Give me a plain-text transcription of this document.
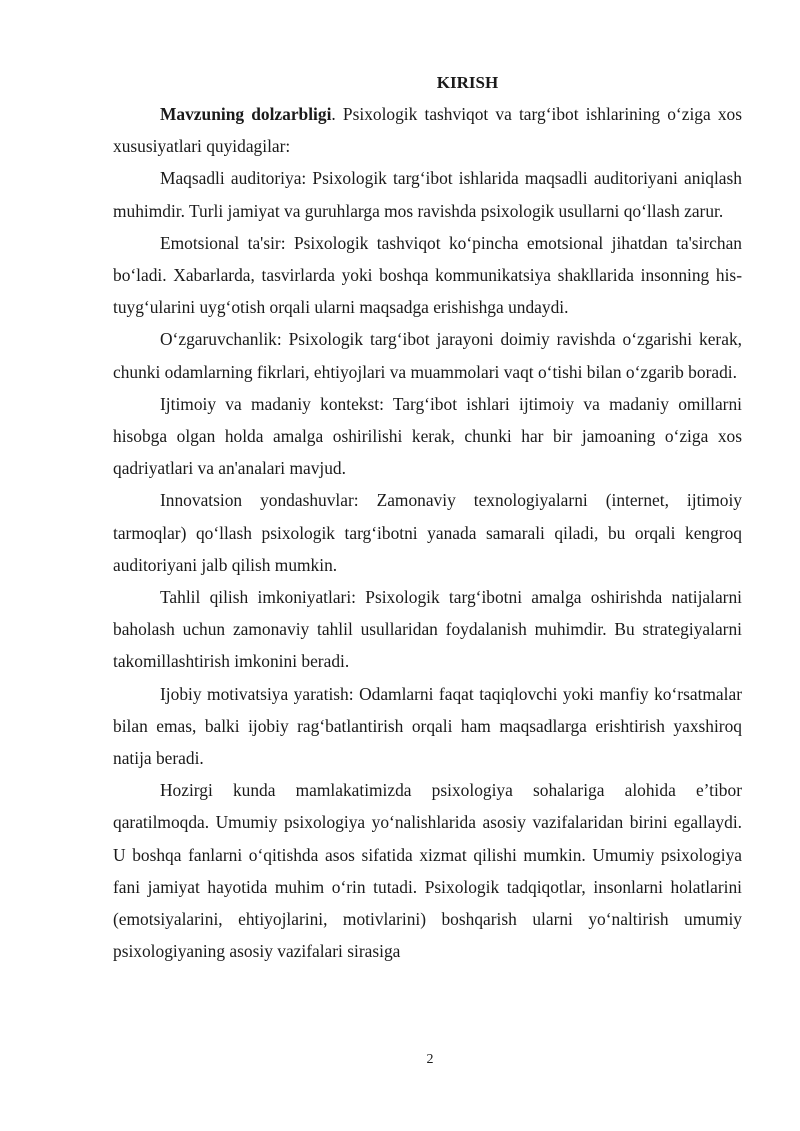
KIRISH

Mavzuning dolzarbligi. Psixologik tashviqot va targ‘ibot ishlarining o‘ziga xos xususiyatlari quyidagilar:

Maqsadli auditoriya: Psixologik targ‘ibot ishlarida maqsadli auditoriyani aniqlash muhimdir. Turli jamiyat va guruhlarga mos ravishda psixologik usullarni qo‘llash zarur.

Emotsional ta'sir: Psixologik tashviqot ko‘pincha emotsional jihatdan ta'sirchan bo‘ladi. Xabarlarda, tasvirlarda yoki boshqa kommunikatsiya shakllarida insonning his-tuyg‘ularini uyg‘otish orqali ularni maqsadga erishishga undaydi.

O‘zgaruvchanlik: Psixologik targ‘ibot jarayoni doimiy ravishda o‘zgarishi kerak, chunki odamlarning fikrlari, ehtiyojlari va muammolari vaqt o‘tishi bilan o‘zgarib boradi.

Ijtimoiy va madaniy kontekst: Targ‘ibot ishlari ijtimoiy va madaniy omillarni hisobga olgan holda amalga oshirilishi kerak, chunki har bir jamoaning o‘ziga xos qadriyatlari va an'analari mavjud.

Innovatsion yondashuvlar: Zamonaviy texnologiyalarni (internet, ijtimoiy tarmoqlar) qo‘llash psixologik targ‘ibotni yanada samarali qiladi, bu orqali kengroq auditoriyani jalb qilish mumkin.

Tahlil qilish imkoniyatlari: Psixologik targ‘ibotni amalga oshirishda natijalarni baholash uchun zamonaviy tahlil usullaridan foydalanish muhimdir. Bu strategiyalarni takomillashtirish imkonini beradi.

Ijobiy motivatsiya yaratish: Odamlarni faqat taqiqlovchi yoki manfiy ko‘rsatmalar bilan emas, balki ijobiy rag‘batlantirish orqali ham maqsadlarga erishtirish yaxshiroq natija beradi.

Hozirgi kunda mamlakatimizda psixologiya sohalariga alohida e’tibor qaratilmoqda. Umumiy psixologiya yo‘nalishlarida asosiy vazifalaridan birini egallaydi. U boshqa fanlarni o‘qitishda asos sifatida xizmat qilishi mumkin. Umumiy psixologiya fani jamiyat hayotida muhim o‘rin tutadi. Psixologik tadqiqotlar, insonlarni holatlarini (emotsiyalarini, ehtiyojlarini, motivlarini) boshqarish ularni yo‘naltirish umumiy psixologiyaning asosiy vazifalari sirasiga

2
